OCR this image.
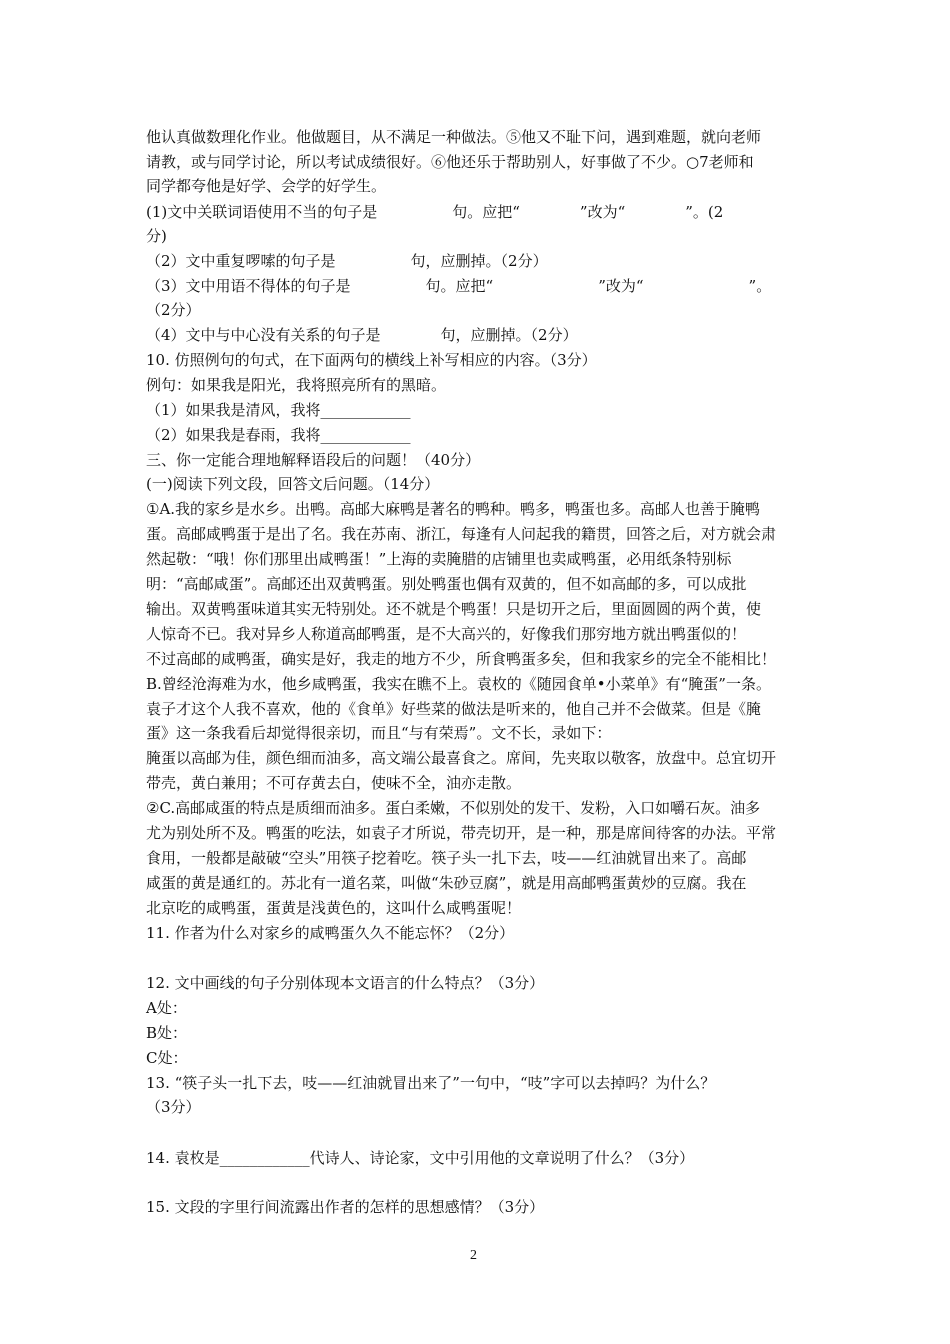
他认真做数理化作业。他做题目，从不满足一种做法。⑤他又不耻下问，遇到难题，就向老师
请教，或与同学讨论，所以考试成绩很好。⑥他还乐于帮助别人，好事做了不少。○7老师和
同学都夸他是好学、会学的好学生。
(1)文中关联词语使用不当的句子是　　　　　句。应把“　　　　”改为“　　　　”。(2
分)
（2）文中重复啰嗦的句子是　　　　　句，应删掉。（2分）
（3）文中用语不得体的句子是　　　　　句。应把“　　　　　　　”改为“　　　　　　　”。
（2分）
（4）文中与中心没有关系的句子是　　　　句，应删掉。（2分）
10. 仿照例句的句式，在下面两句的横线上补写相应的内容。（3分）
例句：如果我是阳光，我将照亮所有的黑暗。
（1）如果我是清风，我将____________
（2）如果我是春雨，我将____________
三、你一定能合理地解释语段后的问题！（40分）
(一)阅读下列文段，回答文后问题。（14分）
①A.我的家乡是水乡。出鸭。高邮大麻鸭是著名的鸭种。鸭多，鸭蛋也多。高邮人也善于腌鸭
蛋。高邮咸鸭蛋于是出了名。我在苏南、浙江，每逢有人问起我的籍贯，回答之后，对方就会肃
然起敬：“哦！你们那里出咸鸭蛋！”上海的卖腌腊的店铺里也卖咸鸭蛋，必用纸条特别标
明：“高邮咸蛋”。高邮还出双黄鸭蛋。别处鸭蛋也偶有双黄的，但不如高邮的多，可以成批
输出。双黄鸭蛋味道其实无特别处。还不就是个鸭蛋！只是切开之后，里面圆圆的两个黄，使
人惊奇不已。我对异乡人称道高邮鸭蛋，是不大高兴的，好像我们那穷地方就出鸭蛋似的！
不过高邮的咸鸭蛋，确实是好，我走的地方不少，所食鸭蛋多矣，但和我家乡的完全不能相比！
B.曾经沧海难为水，他乡咸鸭蛋，我实在瞧不上。袁枚的《随园食单•小菜单》有“腌蛋”一条。
袁子才这个人我不喜欢，他的《食单》好些菜的做法是听来的，他自己并不会做菜。但是《腌
蛋》这一条我看后却觉得很亲切，而且“与有荣焉”。文不长，录如下：
腌蛋以高邮为佳，颜色细而油多，高文端公最喜食之。席间，先夹取以敬客，放盘中。总宜切开
带壳，黄白兼用；不可存黄去白，使味不全，油亦走散。
②C.高邮咸蛋的特点是质细而油多。蛋白柔嫩，不似别处的发干、发粉，入口如嚼石灰。油多
尤为别处所不及。鸭蛋的吃法，如袁子才所说，带壳切开，是一种，那是席间待客的办法。平常
食用，一般都是敲破“空头”用筷子挖着吃。筷子头一扎下去，吱——红油就冒出来了。高邮
咸蛋的黄是通红的。苏北有一道名菜，叫做“朱砂豆腐”，就是用高邮鸭蛋黄炒的豆腐。我在
北京吃的咸鸭蛋，蛋黄是浅黄色的，这叫什么咸鸭蛋呢！
11. 作者为什么对家乡的咸鸭蛋久久不能忘怀？（2分）
12. 文中画线的句子分别体现本文语言的什么特点？（3分）
A处：
B处：
C处：
13. “筷子头一扎下去，吱——红油就冒出来了”一句中，“吱”字可以去掉吗？为什么？
（3分）
14. 袁枚是____________代诗人、诗论家，文中引用他的文章说明了什么？（3分）
15. 文段的字里行间流露出作者的怎样的思想感情？（3分）
2
